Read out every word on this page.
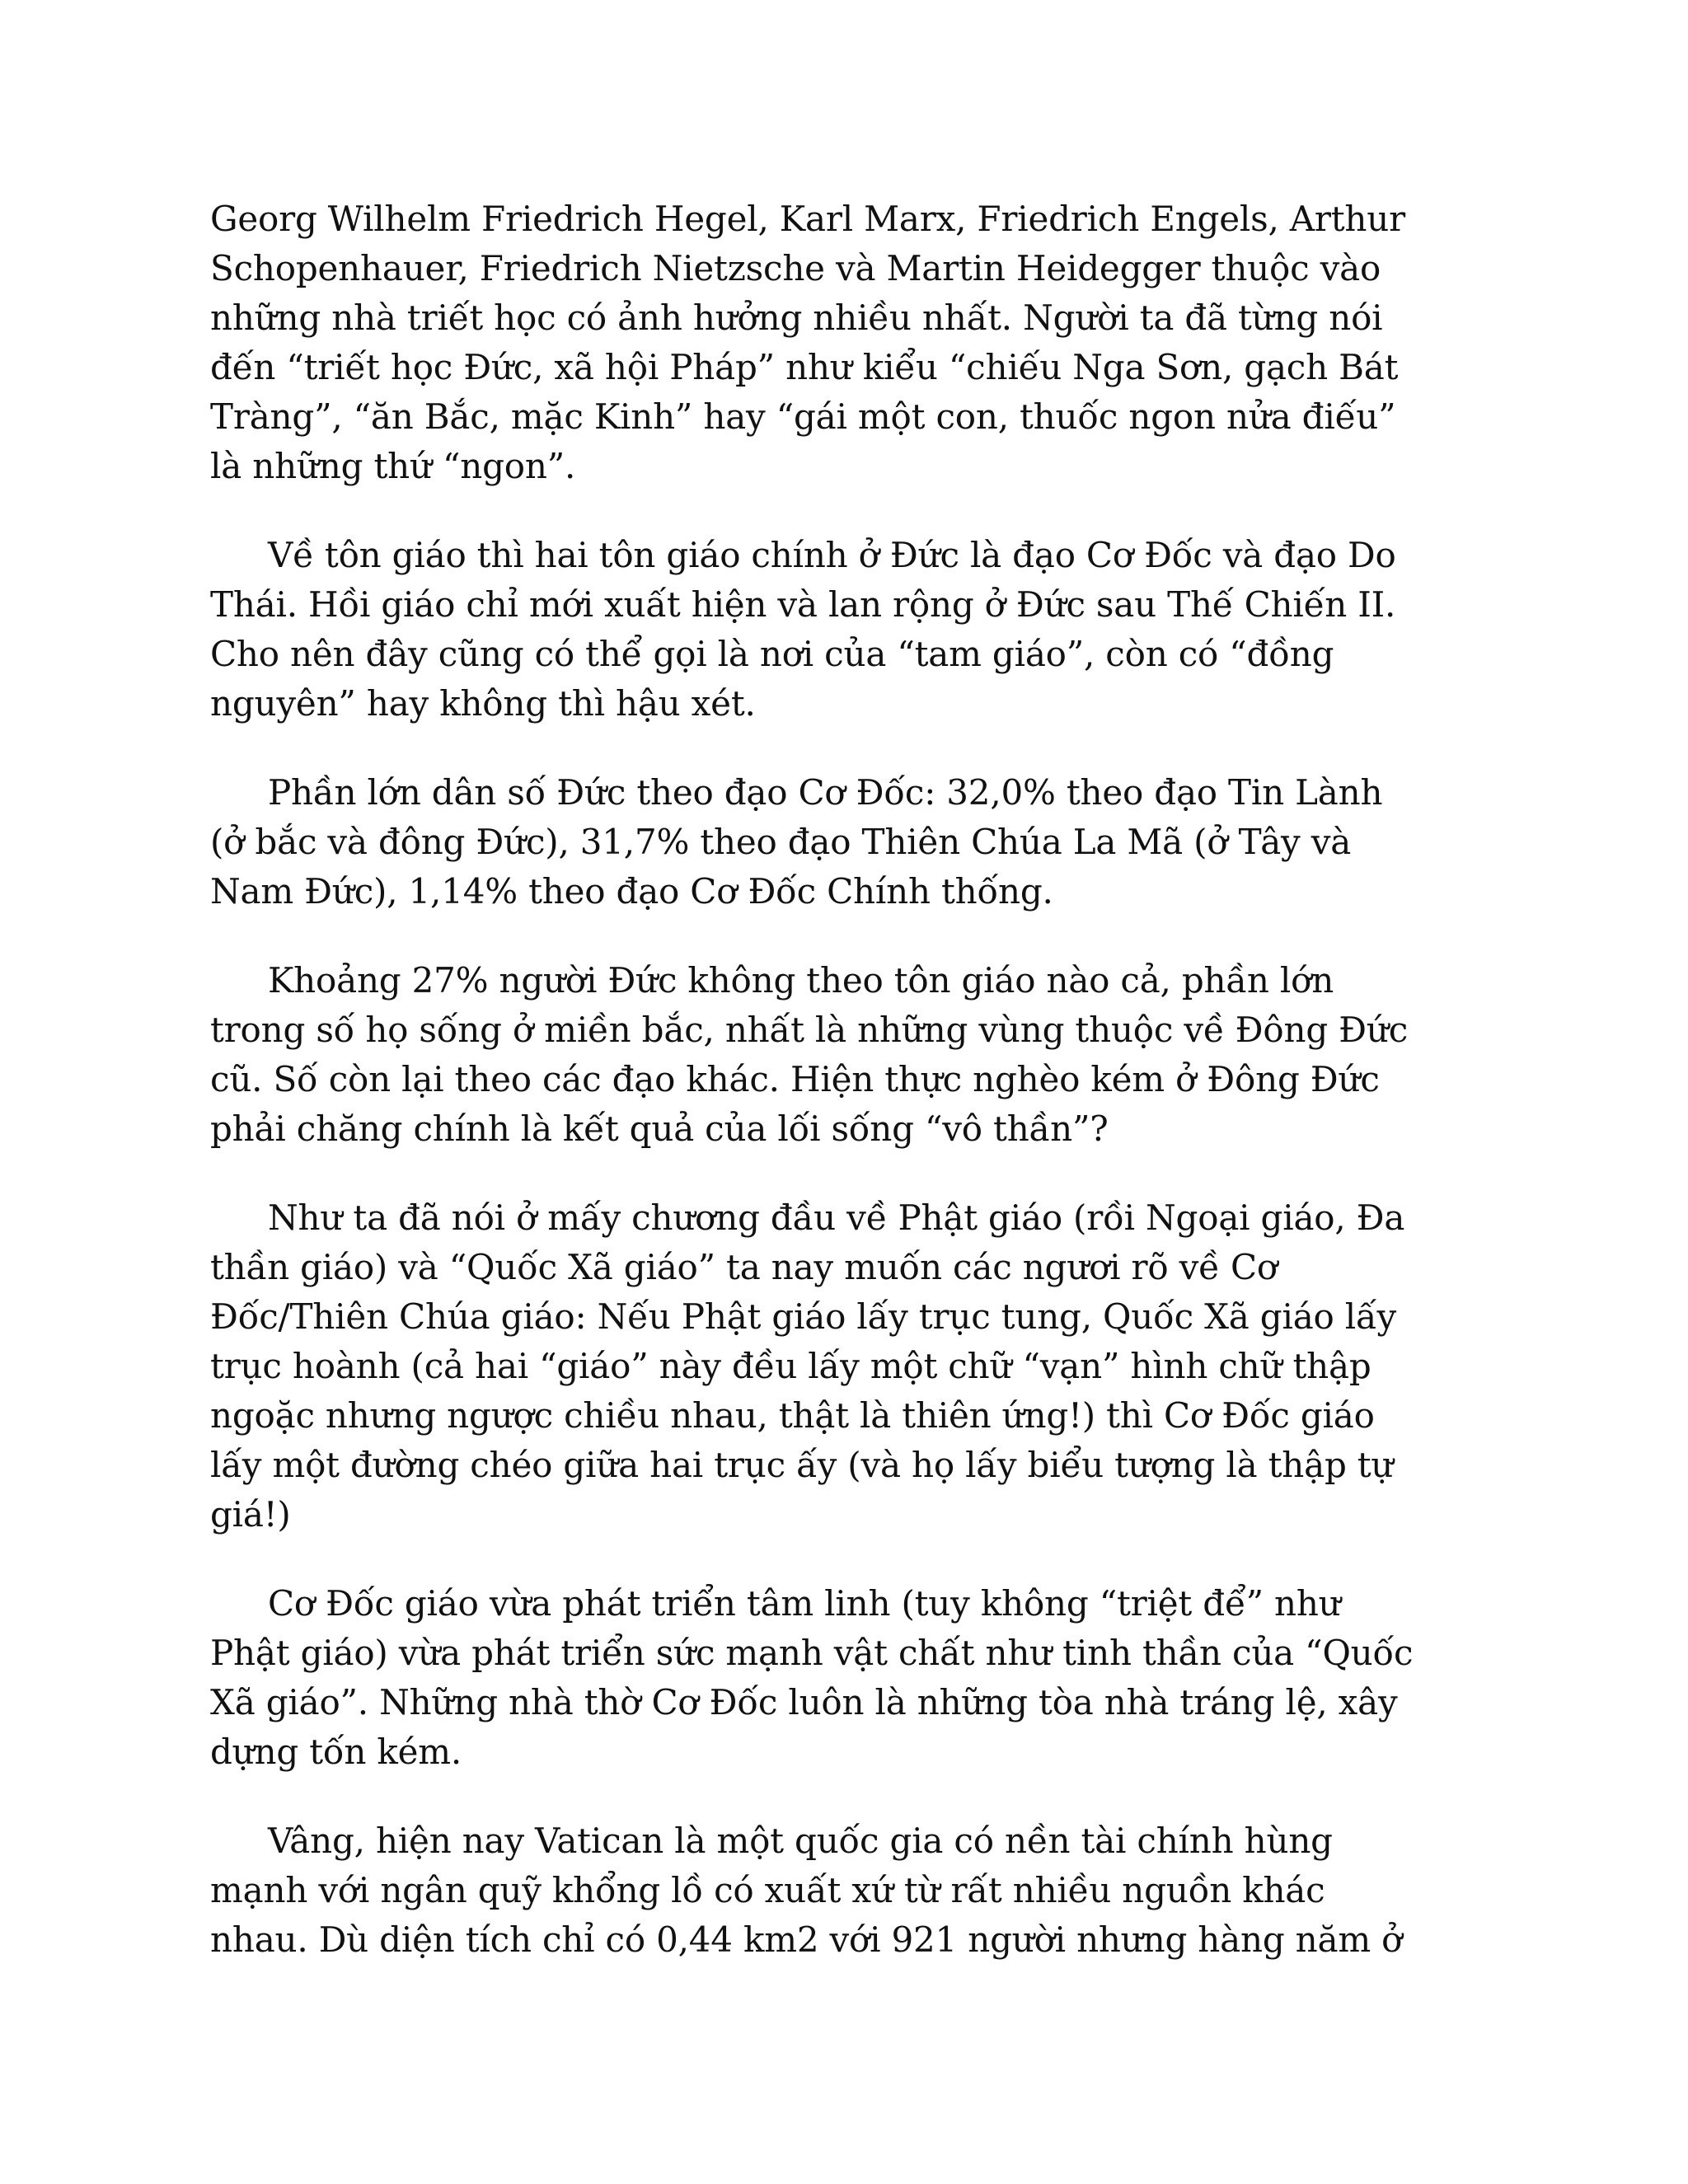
Georg Wilhelm Friedrich Hegel, Karl Marx, Friedrich Engels, Arthur
Schopenhauer, Friedrich Nietzsche và Martin Heidegger thuộc vào
những nhà triết học có ảnh hưởng nhiều nhất. Người ta đã từng nói
đến “triết học Đức, xã hội Pháp” như kiểu “chiếu Nga Sơn, gạch Bát
Tràng”, “ăn Bắc, mặc Kinh” hay “gái một con, thuốc ngon nửa điếu”
là những thứ “ngon”.

Về tôn giáo thì hai tôn giáo chính ở Đức là đạo Cơ Đốc và đạo Do
Thái. Hồi giáo chỉ mới xuất hiện và lan rộng ở Đức sau Thế Chiến II.
Cho nên đây cũng có thể gọi là nơi của “tam giáo”, còn có “đồng
nguyên” hay không thì hậu xét.

Phần lớn dân số Đức theo đạo Cơ Đốc: 32,0% theo đạo Tin Lành
(ở bắc và đông Đức), 31,7% theo đạo Thiên Chúa La Mã (ở Tây và
Nam Đức), 1,14% theo đạo Cơ Đốc Chính thống.

Khoảng 27% người Đức không theo tôn giáo nào cả, phần lớn
trong số họ sống ở miền bắc, nhất là những vùng thuộc về Đông Đức
cũ. Số còn lại theo các đạo khác. Hiện thực nghèo kém ở Đông Đức
phải chăng chính là kết quả của lối sống “vô thần”?

Như ta đã nói ở mấy chương đầu về Phật giáo (rồi Ngoại giáo, Đa
thần giáo) và “Quốc Xã giáo” ta nay muốn các ngươi rõ về Cơ
Đốc/Thiên Chúa giáo: Nếu Phật giáo lấy trục tung, Quốc Xã giáo lấy
trục hoành (cả hai “giáo” này đều lấy một chữ “vạn” hình chữ thập
ngoặc nhưng ngược chiều nhau, thật là thiên ứng!) thì Cơ Đốc giáo
lấy một đường chéo giữa hai trục ấy (và họ lấy biểu tượng là thập tự
giá!)

Cơ Đốc giáo vừa phát triển tâm linh (tuy không “triệt để” như
Phật giáo) vừa phát triển sức mạnh vật chất như tinh thần của “Quốc
Xã giáo”. Những nhà thờ Cơ Đốc luôn là những tòa nhà tráng lệ, xây
dựng tốn kém.

Vâng, hiện nay Vatican là một quốc gia có nền tài chính hùng
mạnh với ngân quỹ khổng lồ có xuất xứ từ rất nhiều nguồn khác
nhau. Dù diện tích chỉ có 0,44 km2 với 921 người nhưng hàng năm ở
